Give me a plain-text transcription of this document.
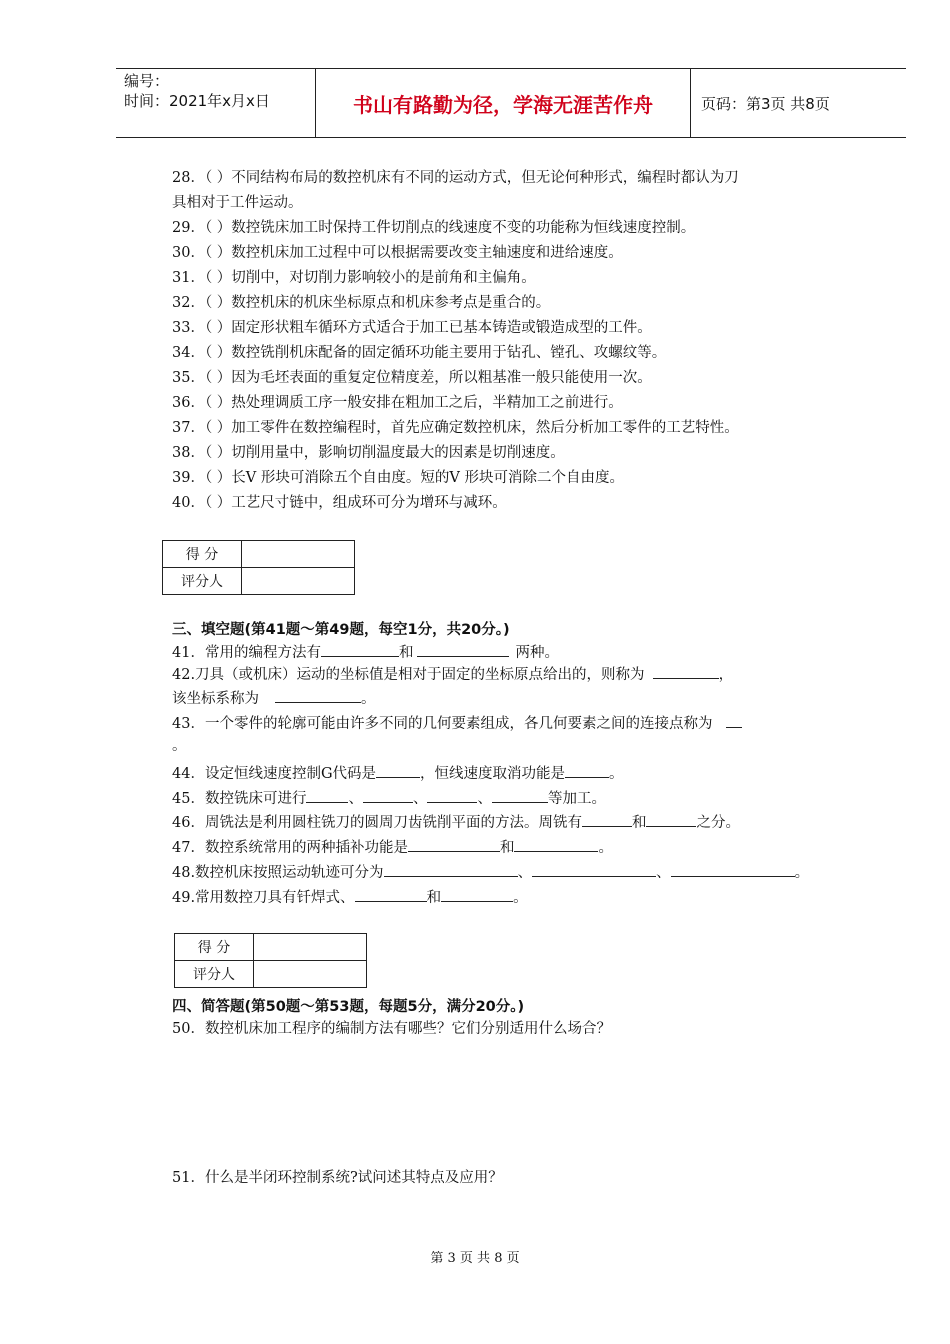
编号：
时间：2021年x月x日	书山有路勤为径，学海无涯苦作舟	页码：第3页 共8页
28．（ ）不同结构布局的数控机床有不同的运动方式，但无论何种形式，编程时都认为刀
具相对于工件运动。
29．（ ）数控铣床加工时保持工件切削点的线速度不变的功能称为恒线速度控制。
30．（ ）数控机床加工过程中可以根据需要改变主轴速度和进给速度。
31．（ ）切削中，对切削力影响较小的是前角和主偏角。
32．（ ）数控机床的机床坐标原点和机床参考点是重合的。
33．（ ）固定形状粗车循环方式适合于加工已基本铸造或锻造成型的工件。
34．（ ）数控铣削机床配备的固定循环功能主要用于钻孔、镗孔、攻螺纹等。
35．（ ）因为毛坯表面的重复定位精度差，所以粗基准一般只能使用一次。
36．（ ）热处理调质工序一般安排在粗加工之后，半精加工之前进行。
37．（ ）加工零件在数控编程时，首先应确定数控机床，然后分析加工零件的工艺特性。
38．（ ）切削用量中，影响切削温度最大的因素是切削速度。
39．（ ）长V 形块可消除五个自由度。短的V 形块可消除二个自由度。
40．（ ）工艺尺寸链中，组成环可分为增环与减环。
得 分	
评分人	
三、填空题(第41题～第49题，每空1分，共20分。)
41．常用的编程方法有	和	两种。
42.刀具（或机床）运动的坐标值是相对于固定的坐标原点给出的，则称为	，
该坐标系称为	。
43．一个零件的轮廓可能由许多不同的几何要素组成，各几何要素之间的连接点称为
。
44．设定恒线速度控制G代码是	，恒线速度取消功能是	。
45．数控铣床可进行	、	、	、	等加工。
46．周铣法是利用圆柱铣刀的圆周刀齿铣削平面的方法。周铣有	和	之分。
47．数控系统常用的两种插补功能是	和	。
48.数控机床按照运动轨迹可分为	、	、	。
49.常用数控刀具有钎焊式、	和	。
得 分	
评分人	
四、简答题(第50题～第53题，每题5分，满分20分。)
50．数控机床加工程序的编制方法有哪些？它们分别适用什么场合？
51．什么是半闭环控制系统?试问述其特点及应用？
第 3 页 共 8 页
